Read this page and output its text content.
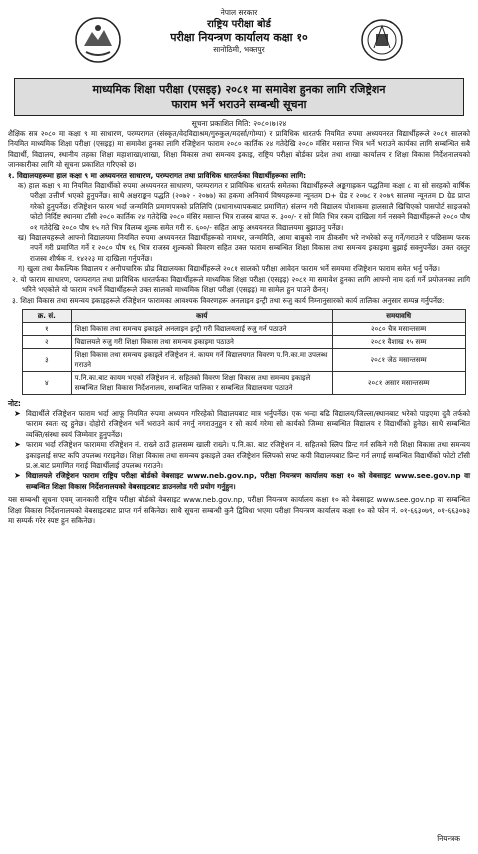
नेपाल सरकार
राष्ट्रिय परीक्षा बोर्ड
परीक्षा नियन्त्रण कार्यालय कक्षा १०
सानोठिमी, भक्तपुर
माध्यमिक शिक्षा परीक्षा (एसइइ) २०८१ मा समावेश हुनका लागि रजिष्ट्रेशन
फाराम भर्ने भराउने सम्बन्धी सूचना
सूचना प्रकाशित मिति: २०८०।७।२४
शैक्षिक सत्र २०८० मा कक्षा ९ मा साधारण, परम्परागत (संस्कृत/वेदविद्याश्रम/गुरुकुल/मदर्सा/गोम्पा) र प्राविधिक धारतर्फ नियमित रुपमा अध्ययनरत विद्यार्थीहरूले २०८१ सालको नियमित माध्यमिक शिक्षा परीक्षा (एसइइ) मा समावेश हुनका लागि रजिष्ट्रेशन फाराम २०८० कार्तिक २४ गतेदेखि २०८० मंसिर मसान्त भित्र भर्ने भराउने कार्यका लागि सम्बन्धित सबै विद्यार्थी, विद्यालय, स्थानीय तहका शिक्षा महाशाखा/शाखा, शिक्षा विकास तथा समन्वय इकाइ, राष्ट्रिय परीक्षा बोर्डका प्रदेश तथा शाखा कार्यालय र शिक्षा विकास निर्देशनालयको जानकारीका लागि यो सूचना प्रकाशित गरिएको छ।
१. विद्यालयहरूमा हाल कक्षा ९ मा अध्ययनरत साधारण, परम्परागत तथा प्राविधिक धारतर्फका विद्यार्थीहरूका लागि:
क) हाल कक्षा ९ मा नियमित विद्यार्थीको रुपमा अध्ययनरत साधारण, परम्परागत र प्राविधिक धारतर्फ समेतका विद्यार्थीहरूले अङ्कगाह्रकन पद्धतिमा कक्षा ८ वा सो सरहको वार्षिक परीक्षा उत्तीर्ण भएको हुनुपर्नेछ। साथै अक्षराङ्कन पद्धति (२०७२ - २०७७) का हकमा अनिवार्य विषयहरूमा न्यूनतम D+ ग्रेड र २०७८ र २०७९ सालमा न्यूनतम D ग्रेड प्राप्त गरेको हुनुपर्नेछ। रजिष्ट्रेशन फारम भर्दा जन्ममिति प्रमाणपत्रको प्रतिलिपि (प्रधानाध्यापकबाट प्रमाणित) संलग्न गरी विद्यालय पोशाकमा हालसालै खिचिएको पासपोर्ट साइजको फोटो निर्दिष्ट स्थानमा टाँसी २०८० कार्तिक २४ गतेदेखि २०८० मंसिर मसान्त भित्र राजस्व बापत रु. ३००/- र सो मिति भित्र रकम दाखिला गर्न नसक्ने विद्यार्थीहरूले २०८० पौष ०१ गतेदेखि २०८० पौष १५ गते भित्र विलम्ब शुल्क समेत गरी रु. ६००/- सहित आफू अध्ययनरत विद्यालयमा बुझाउनु पर्नेछ।
ख) विद्यालयहरूले आफ्नो विद्यालयमा नियमित रुपमा अध्ययनरत विद्यार्थीहरूको नामथर, जन्ममिति, आमा बाबुको नाम ठीकसँग भरे नभरेको रुजु गर्ने/गराउने र पछिसम्म फरक नपर्ने गरी प्रमाणित गर्ने र २०८० पौष १६ भित्र राजस्व शुल्कको विवरण सहित उक्त फाराम सम्बन्धित शिक्षा विकास तथा समन्वय इकाइमा बुझाई सक्नुपर्नेछ। उक्त दस्तुर राजस्व शीर्षक नं. १४२२३ मा दाखिला गर्नुपर्नेछ।
ग) खुला तथा वैकल्पिक विद्यालय र अनौपचारिक प्रौढ विद्यालयका विद्यार्थीहरूले २०८१ सालको परीक्षा आवेदन फाराम भर्ने समयमा रजिष्ट्रेशन फाराम समेत भर्नु पर्नेछ।
२. यो फाराम साधारण, परम्परागत तथा प्राविधिक धारतर्फका विद्यार्थीहरूले माध्यमिक शिक्षा परीक्षा (एसइइ) २०८१ मा समावेश हुनका लागि आफ्नो नाम दर्ता गर्ने प्रयोजनका लागि भरिने भएकोले यो फाराम नभर्ने विद्यार्थीहरूले उक्त सालको माध्यमिक शिक्षा परीक्षा (एसइइ) मा सामेल हुन पाउने छैनन्।
३. शिक्षा विकास तथा समन्वय इकाइहरूले रजिष्ट्रेशन फारामका आवश्यक विवरणहरू अनलाइन इन्ट्री तथा रुजु कार्य निम्नानुसारको कार्य तालिका अनुसार सम्पन्न गर्नुपर्नेछ:
क्र. सं.	कार्य	समयावधि
१	शिक्षा विकास तथा समन्वय इकाइले अनलाइन इन्ट्री गरी विद्यालयलाई रुजु गर्न पठाउने	२०८० चैत्र मसान्तसम्म
२	विद्यालयले रुजु गरी शिक्षा विकास तथा समन्वय इकाइमा पठाउने	२०८१ वैशाख १५ सम्म
३	शिक्षा विकास तथा समन्वय इकाइले रजिष्ट्रेशन नं. कायम गर्ने विद्यालयगत विवरण प.नि.का.मा उपलब्ध गराउने	२०८१ जेठ मसान्तसम्म
४	प.नि.का.बाट कायम भएको रजिष्ट्रेशन नं. सहितको विवरण शिक्षा विकास तथा समन्वय इकाइले सम्बन्धित शिक्षा विकास निर्देशनालय, सम्बन्धित पालिका र सम्बन्धित विद्यालयमा पठाउने	२०८१ असार मसान्तसम्म
नोट:
➤ विद्यार्थीले रजिष्ट्रेशन फाराम भर्दा आफू नियमित रुपमा अध्ययन गरिरहेको विद्यालयबाट मात्र भर्नुपर्नेछ। एक भन्दा बढि विद्यालय/जिल्ला/स्थानबाट भरेको पाइएमा दुवै तर्फको फाराम स्वतः रद्द हुनेछ। दोहोरो रजिष्ट्रेशन भर्ने भराउने कार्य नगर्नु नगराउनुहुन र सो कार्य गरेमा सो कार्यको जिम्मा सम्बन्धित विद्यालय र विद्यार्थीको हुनेछ। साथै सम्बन्धित व्यक्ति/संस्था स्वयं जिम्मेवार हुनुपर्नेछ।
➤ फाराम भर्दा रजिष्ट्रेशन फाराममा रजिष्ट्रेशन नं. राख्ने ठाउँ हालसम्म खाली राख्ने। प.नि.का. बाट रजिष्ट्रेशन नं. सहितको स्लिप प्रिन्ट गर्न सकिने गरी शिक्षा विकास तथा समन्वय इकाइलाई सफ्ट कपि उपलब्ध गराइनेछ। शिक्षा विकास तथा समन्वय इकाइले उक्त रजिष्ट्रेशन स्लिपको सफ्ट कपी विद्यालयबाट प्रिन्ट गर्न लगाई सम्बन्धित विद्यार्थीको फोटो टाँसी प्र.अ.बाट प्रमाणित गराई विद्यार्थीलाई उपलब्ध गराउने।
➤ विद्यालयले रजिष्ट्रेशन फाराम राष्ट्रिय परीक्षा बोर्डको वेबसाइट www.neb.gov.np, परीक्षा नियन्त्रण कार्यालय कक्षा १० को वेबसाइट www.see.gov.np वा सम्बन्धित शिक्षा विकास निर्देशनालयको वेबसाइटबाट डाउनलोड गरी प्रयोग गर्नुहुन।
यस सम्बन्धी सूचना एवम् जानकारी राष्ट्रिय परीक्षा बोर्डको वेबसाइट www.neb.gov.np, परीक्षा नियन्त्रण कार्यालय कक्षा १० को वेबसाइट www.see.gov.np वा सम्बन्धित शिक्षा विकास निर्देशनालयको वेबसाइटबाट प्राप्त गर्न सकिनेछ। साथै सूचना सम्बन्धी कुनै द्विविधा भएमा परीक्षा नियन्त्रण कार्यालय कक्षा १० को फोन नं. ०१-६६३०७९, ०१-६६३०७३ मा सम्पर्क गरेर स्पष्ट हुन सकिनेछ।
नियन्त्रक
